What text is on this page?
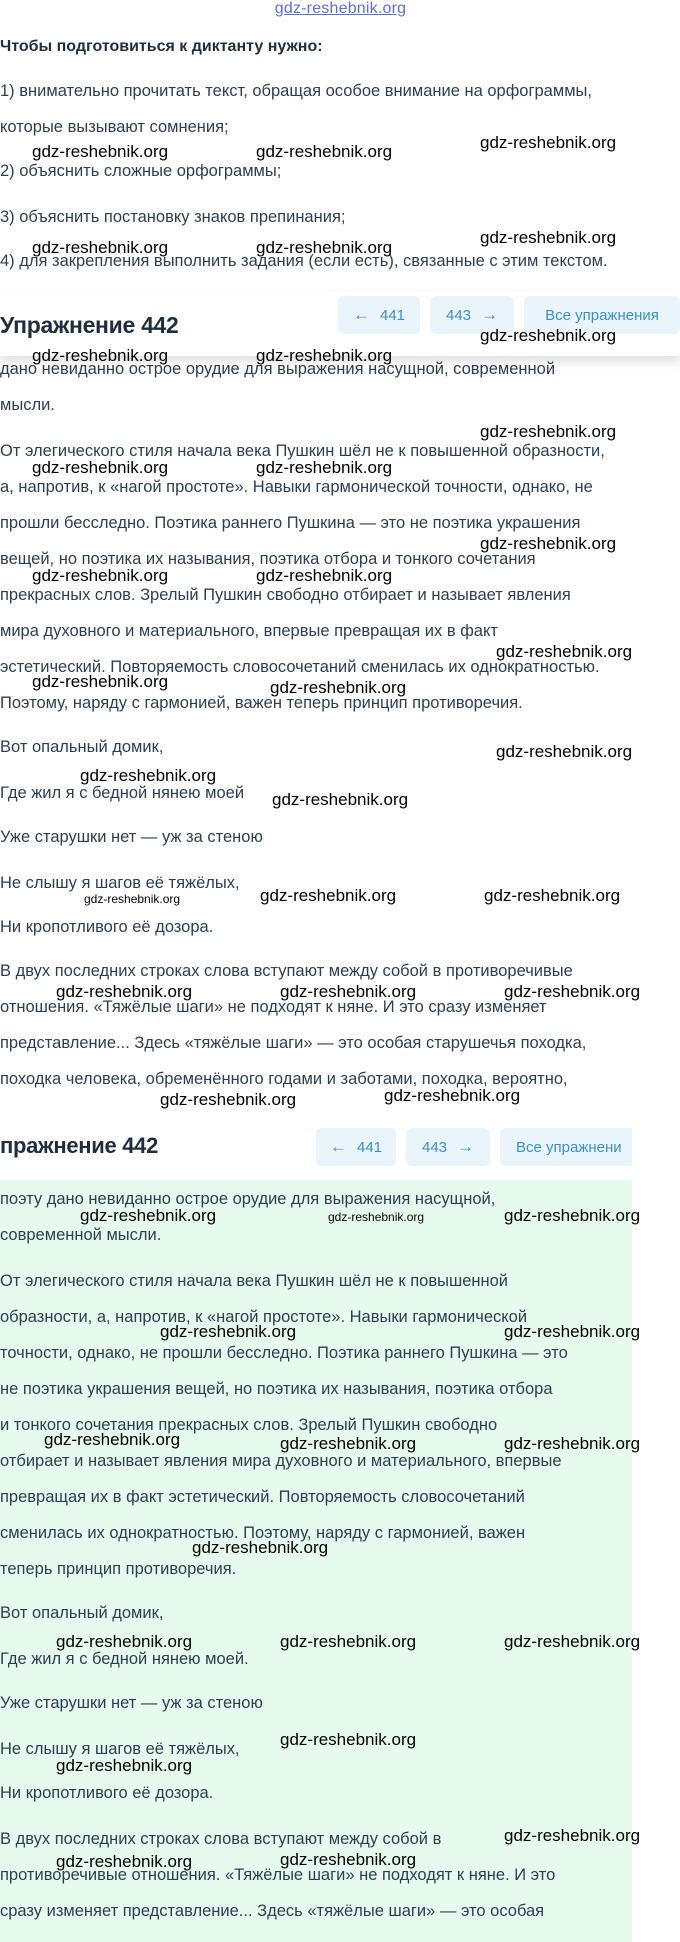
gdz-reshebnik.org
Чтобы подготовиться к диктанту нужно:
1) внимательно прочитать текст, обращая особое внимание на орфограммы,
которые вызывают сомнения;
2) объяснить сложные орфограммы;
3) объяснить постановку знаков препинания;
4) для закрепления выполнить задания (если есть), связанные с этим текстом.
дано невиданно острое орудие для выражения насущной, современной
мысли.
От элегического стиля начала века Пушкин шёл не к повышенной образности,
а, напротив, к «нагой простоте». Навыки гармонической точности, однако, не
прошли бесследно. Поэтика раннего Пушкина — это не поэтика украшения
вещей, но поэтика их называния, поэтика отбора и тонкого сочетания
прекрасных слов. Зрелый Пушкин свободно отбирает и называет явления
мира духовного и материального, впервые превращая их в факт
эстетический. Повторяемость словосочетаний сменилась их однократностью.
Поэтому, наряду с гармонией, важен теперь принцип противоречия.
Вот опальный домик,
Где жил я с бедной нянею моей
Уже старушки нет — уж за стеною
Не слышу я шагов её тяжёлых,
Ни кропотливого её дозора.
В двух последних строках слова вступают между собой в противоречивые
отношения. «Тяжёлые шаги» не подходят к няне. И это сразу изменяет
представление... Здесь «тяжёлые шаги» — это особая старушечья походка,
походка человека, обременённого годами и заботами, походка, вероятно,
Упражнение 442	← 441	443 →	Все упражнения
пражнение 442	← 441	443 →	Все упражнени
поэту дано невиданно острое орудие для выражения насущной,
современной мысли.
От элегического стиля начала века Пушкин шёл не к повышенной
образности, а, напротив, к «нагой простоте». Навыки гармонической
точности, однако, не прошли бесследно. Поэтика раннего Пушкина — это
не поэтика украшения вещей, но поэтика их называния, поэтика отбора
и тонкого сочетания прекрасных слов. Зрелый Пушкин свободно
отбирает и называет явления мира духовного и материального, впервые
превращая их в факт эстетический. Повторяемость словосочетаний
сменилась их однократностью. Поэтому, наряду с гармонией, важен
теперь принцип противоречия.
Вот опальный домик,
Где жил я с бедной нянею моей.
Уже старушки нет — уж за стеною
Не слышу я шагов её тяжёлых,
Ни кропотливого её дозора.
В двух последних строках слова вступают между собой в
противоречивые отношения. «Тяжёлые шаги» не подходят к няне. И это
сразу изменяет представление... Здесь «тяжёлые шаги» — это особая
gdz-reshebnik.org
gdz-reshebnik.org	gdz-reshebnik.org
gdz-reshebnik.org
gdz-reshebnik.org	gdz-reshebnik.org
gdz-reshebnik.org
gdz-reshebnik.org	gdz-reshebnik.org
gdz-reshebnik.org
gdz-reshebnik.org	gdz-reshebnik.org
gdz-reshebnik.org
gdz-reshebnik.org	gdz-reshebnik.org
gdz-reshebnik.org
gdz-reshebnik.org	gdz-reshebnik.org
gdz-reshebnik.org
gdz-reshebnik.org
gdz-reshebnik.org
gdz-reshebnik.org	gdz-reshebnik.org	gdz-reshebnik.org
gdz-reshebnik.org	gdz-reshebnik.org	gdz-reshebnik.org
gdz-reshebnik.org	gdz-reshebnik.org
gdz-reshebnik.org	gdz-reshebnik.org	gdz-reshebnik.org
gdz-reshebnik.org	gdz-reshebnik.org
gdz-reshebnik.org	gdz-reshebnik.org	gdz-reshebnik.org
gdz-reshebnik.org
gdz-reshebnik.org	gdz-reshebnik.org	gdz-reshebnik.org
gdz-reshebnik.org
gdz-reshebnik.org
gdz-reshebnik.org
gdz-reshebnik.org	gdz-reshebnik.org
